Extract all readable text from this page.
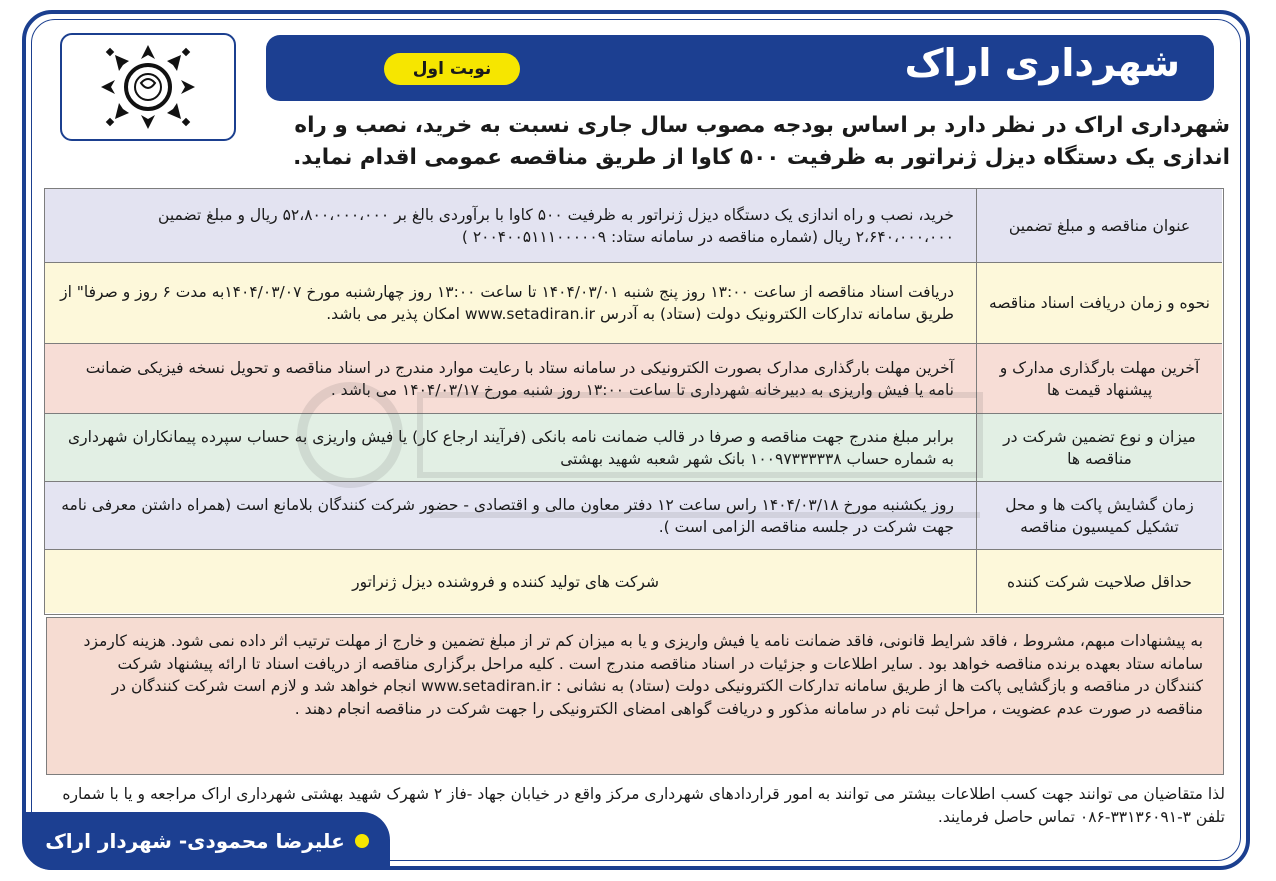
شهرداری اراک
نوبت اول
شهرداری اراک در نظر دارد بر اساس بودجه مصوب سال جاری نسبت به خرید، نصب و راه اندازی یک دستگاه دیزل ژنراتور به ظرفیت ۵۰۰ کاوا از طریق مناقصه عمومی اقدام نماید.
عنوان مناقصه و مبلغ تضمین
خرید، نصب و راه اندازی یک دستگاه دیزل ژنراتور به ظرفیت ۵۰۰ کاوا با برآوردی بالغ بر ۵۲،۸۰۰،۰۰۰،۰۰۰ ریال و مبلغ تضمین ۲،۶۴۰،۰۰۰،۰۰۰ ریال (شماره مناقصه در سامانه ستاد: ۲۰۰۴۰۰۵۱۱۱۰۰۰۰۰۹ )
نحوه و زمان دریافت اسناد مناقصه
دریافت اسناد مناقصه از ساعت ۱۳:۰۰ روز پنج شنبه ۱۴۰۴/۰۳/۰۱ تا ساعت ۱۳:۰۰ روز چهارشنبه مورخ ۱۴۰۴/۰۳/۰۷به مدت ۶ روز و صرفا" از طریق سامانه تدارکات الکترونیک دولت (ستاد) به آدرس www.setadiran.ir امکان پذیر می باشد.
آخرین مهلت بارگذاری مدارک و پیشنهاد قیمت ها
آخرین مهلت بارگذاری مدارک بصورت الکترونیکی در سامانه ستاد با رعایت موارد مندرج در اسناد مناقصه و تحویل نسخه فیزیکی ضمانت نامه یا فیش واریزی به دبیرخانه شهرداری تا ساعت ۱۳:۰۰ روز شنبه مورخ ۱۴۰۴/۰۳/۱۷ می باشد .
میزان و نوع تضمین شرکت در مناقصه ها
برابر مبلغ مندرج جهت مناقصه و صرفا در قالب ضمانت نامه بانکی (فرآیند ارجاع کار) یا فیش واریزی به حساب سپرده پیمانکاران شهرداری به شماره حساب ۱۰۰۹۷۳۳۳۳۳۸ بانک شهر شعبه شهید بهشتی
زمان گشایش پاکت ها و محل تشکیل کمیسیون مناقصه
روز یکشنبه مورخ ۱۴۰۴/۰۳/۱۸ راس ساعت ۱۲ دفتر معاون مالی و اقتصادی - حضور شرکت کنندگان بلامانع است (همراه داشتن معرفی نامه جهت شرکت در جلسه مناقصه الزامی است ).
حداقل صلاحیت شرکت کننده
شرکت های تولید کننده و فروشنده دیزل ژنراتور
به پیشنهادات مبهم، مشروط ، فاقد شرایط قانونی، فاقد ضمانت نامه یا فیش واریزی و یا به میزان کم تر از مبلغ تضمین و خارج از مهلت ترتیب اثر داده نمی شود. هزینه کارمزد سامانه ستاد بعهده برنده مناقصه خواهد بود . سایر اطلاعات و جزئیات در اسناد مناقصه مندرج است . کلیه مراحل برگزاری مناقصه از دریافت اسناد تا ارائه پیشنهاد شرکت کنندگان در مناقصه و بازگشایی پاکت ها از طریق سامانه تدارکات الکترونیکی دولت (ستاد) به نشانی : www.setadiran.ir انجام خواهد شد و لازم است شرکت کنندگان در مناقصه در صورت عدم عضویت ، مراحل ثبت نام در سامانه مذکور و دریافت گواهی امضای الکترونیکی را جهت شرکت در مناقصه انجام دهند .
لذا متقاضیان می توانند جهت کسب اطلاعات بیشتر می توانند به امور قراردادهای شهرداری مرکز واقع در خیابان جهاد -فاز ۲ شهرک شهید بهشتی شهرداری اراک مراجعه و یا با شماره تلفن ۳-۳۳۱۳۶۰۹۱-۰۸۶ تماس حاصل فرمایند.
علیرضا محمودی- شهردار اراک
